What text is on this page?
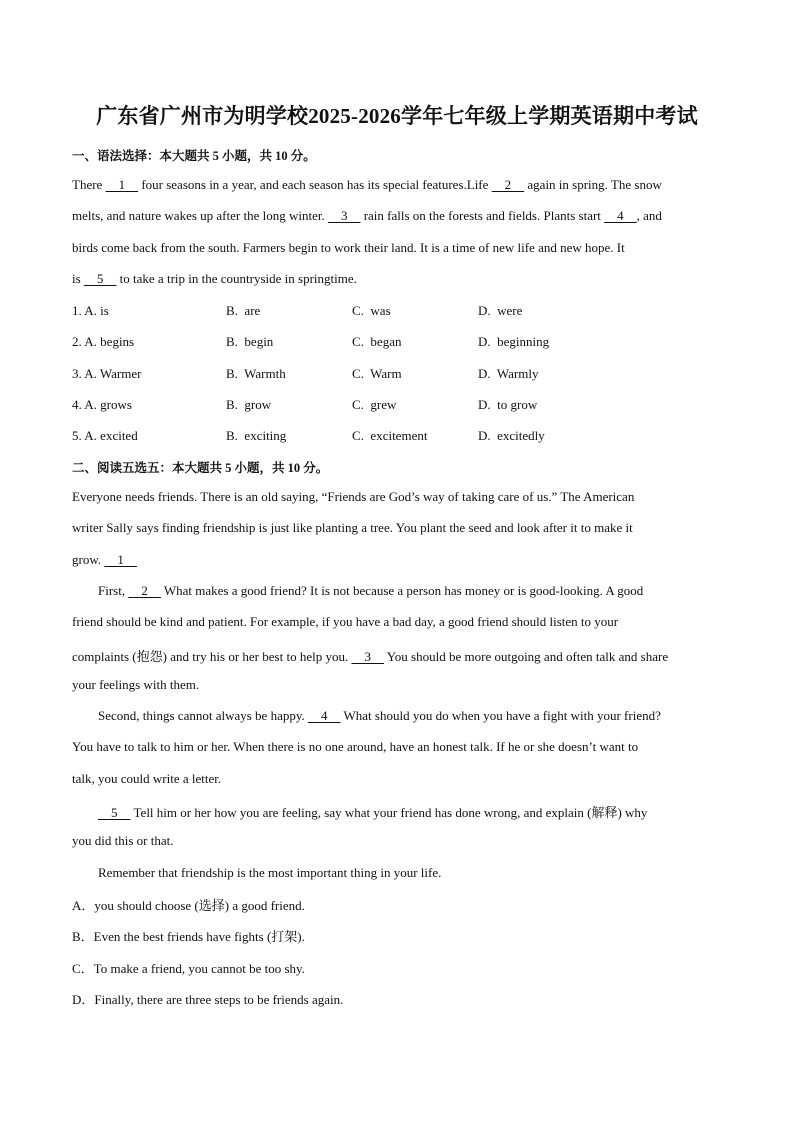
广东省广州市为明学校2025-2026学年七年级上学期英语期中考试
一、语法选择：本大题共 5 小题，共 10 分。
There     1     four seasons in a year, and each season has its special features.Life     2     again in spring. The snow
melts, and nature wakes up after the long winter.     3     rain falls on the forests and fields. Plants start     4    , and
birds come back from the south. Farmers begin to work their land. It is a time of new life and new hope. It
is     5     to take a trip in the countryside in springtime.
1. A. is	B.  are	C.  was	D.  were
2. A. begins	B.  begin	C.  began	D.  beginning
3. A. Warmer	B.  Warmth	C.  Warm	D.  Warmly
4. A. grows	B.  grow	C.  grew	D.  to grow
5. A. excited	B.  exciting	C.  excitement	D.  excitedly
二、阅读五选五：本大题共 5 小题，共 10 分。
Everyone needs friends. There is an old saying, “Friends are God’s way of taking care of us.” The American
writer Sally says finding friendship is just like planting a tree. You plant the seed and look after it to make it
grow.     1
First,     2     What makes a good friend? It is not because a person has money or is good-looking. A good
friend should be kind and patient. For example, if you have a bad day, a good friend should listen to your
complaints (抱怨) and try his or her best to help you.     3     You should be more outgoing and often talk and share
your feelings with them.
Second, things cannot always be happy.     4     What should you do when you have a fight with your friend?
You have to talk to him or her. When there is no one around, have an honest talk. If he or she doesn’t want to
talk, you could write a letter.
5     Tell him or her how you are feeling, say what your friend has done wrong, and explain (解释) why
you did this or that.
Remember that friendship is the most important thing in your life.
A．you should choose (选择) a good friend.
B．Even the best friends have fights (打架).
C．To make a friend, you cannot be too shy.
D．Finally, there are three steps to be friends again.
